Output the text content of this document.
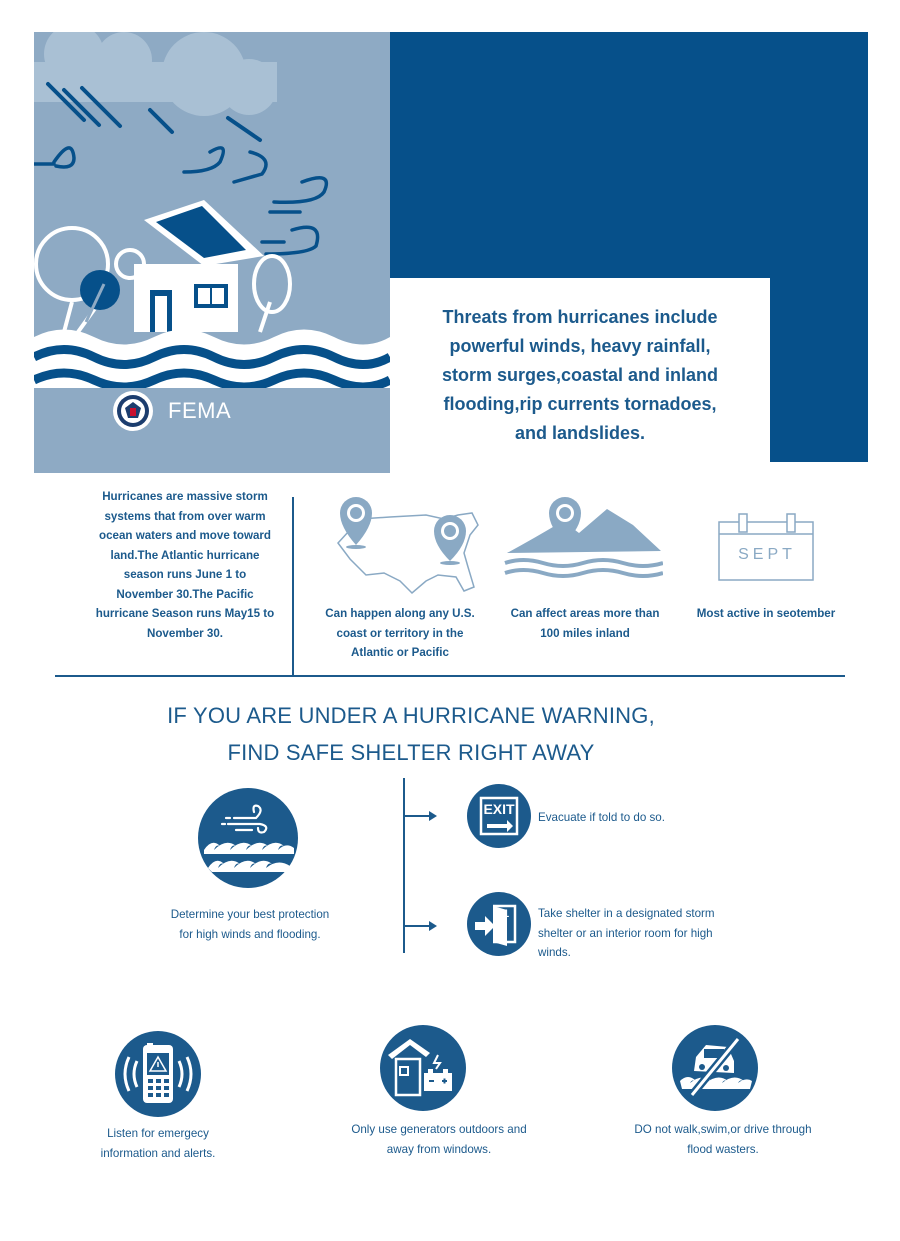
FEMA
Threats from hurricanes include powerful winds, heavy rainfall, storm surges,coastal and inland flooding,rip currents tornadoes, and landslides.
Hurricanes are massive storm systems that from over warm ocean waters and move toward land.The Atlantic hurricane season runs June 1 to November 30.The Pacific hurricane Season runs May15 to November 30.
SEPT
Can happen along any U.S. coast or territory in the Atlantic or Pacific
Can affect areas more than 100 miles inland
Most active in seotember
IF YOU ARE UNDER A HURRICANE WARNING,
FIND SAFE SHELTER RIGHT AWAY
Determine your best protection for high winds and flooding.
EXIT
Evacuate if told to do so.
1 Take shelter in a designated storm shelter or an interior room for high winds.
Listen for emergecy information and alerts.
Only use generators outdoors and away from windows.
DO not walk,swim,or drive through flood wasters.
